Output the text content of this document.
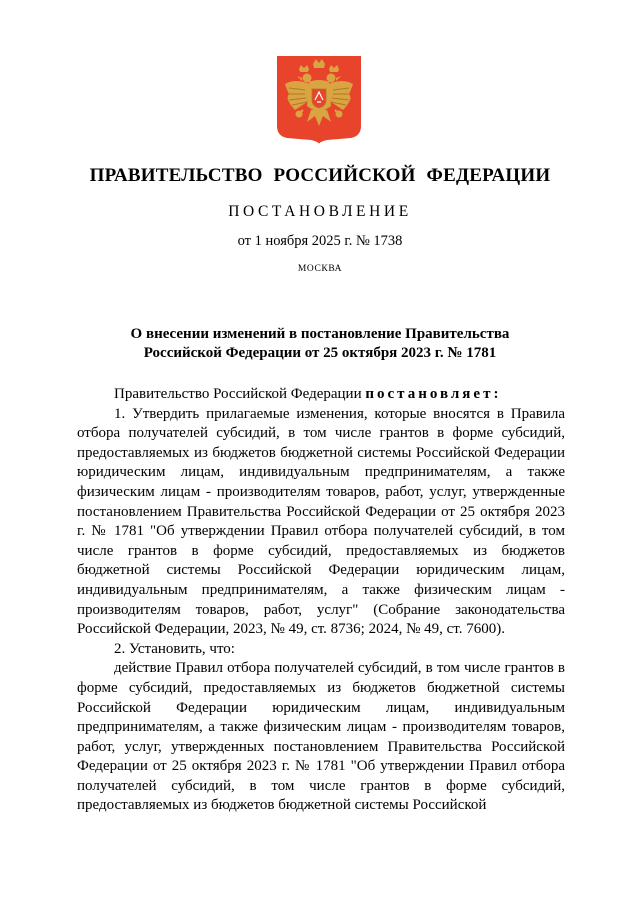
ПРАВИТЕЛЬСТВО РОССИЙСКОЙ ФЕДЕРАЦИИ
ПОСТАНОВЛЕНИЕ
от 1 ноября 2025 г. № 1738
МОСКВА
О внесении изменений в постановление Правительства
Российской Федерации от 25 октября 2023 г. № 1781

Правительство Российской Федерации постановляет:

1. Утвердить прилагаемые изменения, которые вносятся в Правила отбора получателей субсидий, в том числе грантов в форме субсидий, предоставляемых из бюджетов бюджетной системы Российской Федерации юридическим лицам, индивидуальным предпринимателям, а также физическим лицам - производителям товаров, работ, услуг, утвержденные постановлением Правительства Российской Федерации от 25 октября 2023 г. № 1781 "Об утверждении Правил отбора получателей субсидий, в том числе грантов в форме субсидий, предоставляемых из бюджетов бюджетной системы Российской Федерации юридическим лицам, индивидуальным предпринимателям, а также физическим лицам - производителям товаров, работ, услуг" (Собрание законодательства Российской Федерации, 2023, № 49, ст. 8736; 2024, № 49, ст. 7600).

2. Установить, что:

действие Правил отбора получателей субсидий, в том числе грантов в форме субсидий, предоставляемых из бюджетов бюджетной системы Российской Федерации юридическим лицам, индивидуальным предпринимателям, а также физическим лицам - производителям товаров, работ, услуг, утвержденных постановлением Правительства Российской Федерации от 25 октября 2023 г. № 1781 "Об утверждении Правил отбора получателей субсидий, в том числе грантов в форме субсидий, предоставляемых из бюджетов бюджетной системы Российской
